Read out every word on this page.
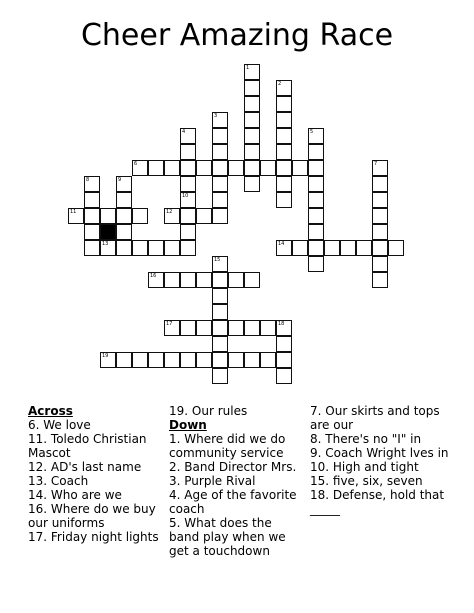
Cheer Amazing Race
1
2
3
4
10
5
7
8	9
15
18
6
11	12
13	14
16
17
19
Across
6. We love
11. Toledo Christian Mascot
12. AD's last name
13. Coach
14. Who are we
16. Where do we buy our uniforms
17. Friday night lights
19. Our rules
Down
1. Where did we do community service
2. Band Director Mrs.
3. Purple Rival
4. Age of the favorite coach
5. What does the band play when we get a touchdown
7. Our skirts and tops are our
8. There's no "I" in
9. Coach Wright lves in
10. High and tight
15. five, six, seven
18. Defense, hold that _____
